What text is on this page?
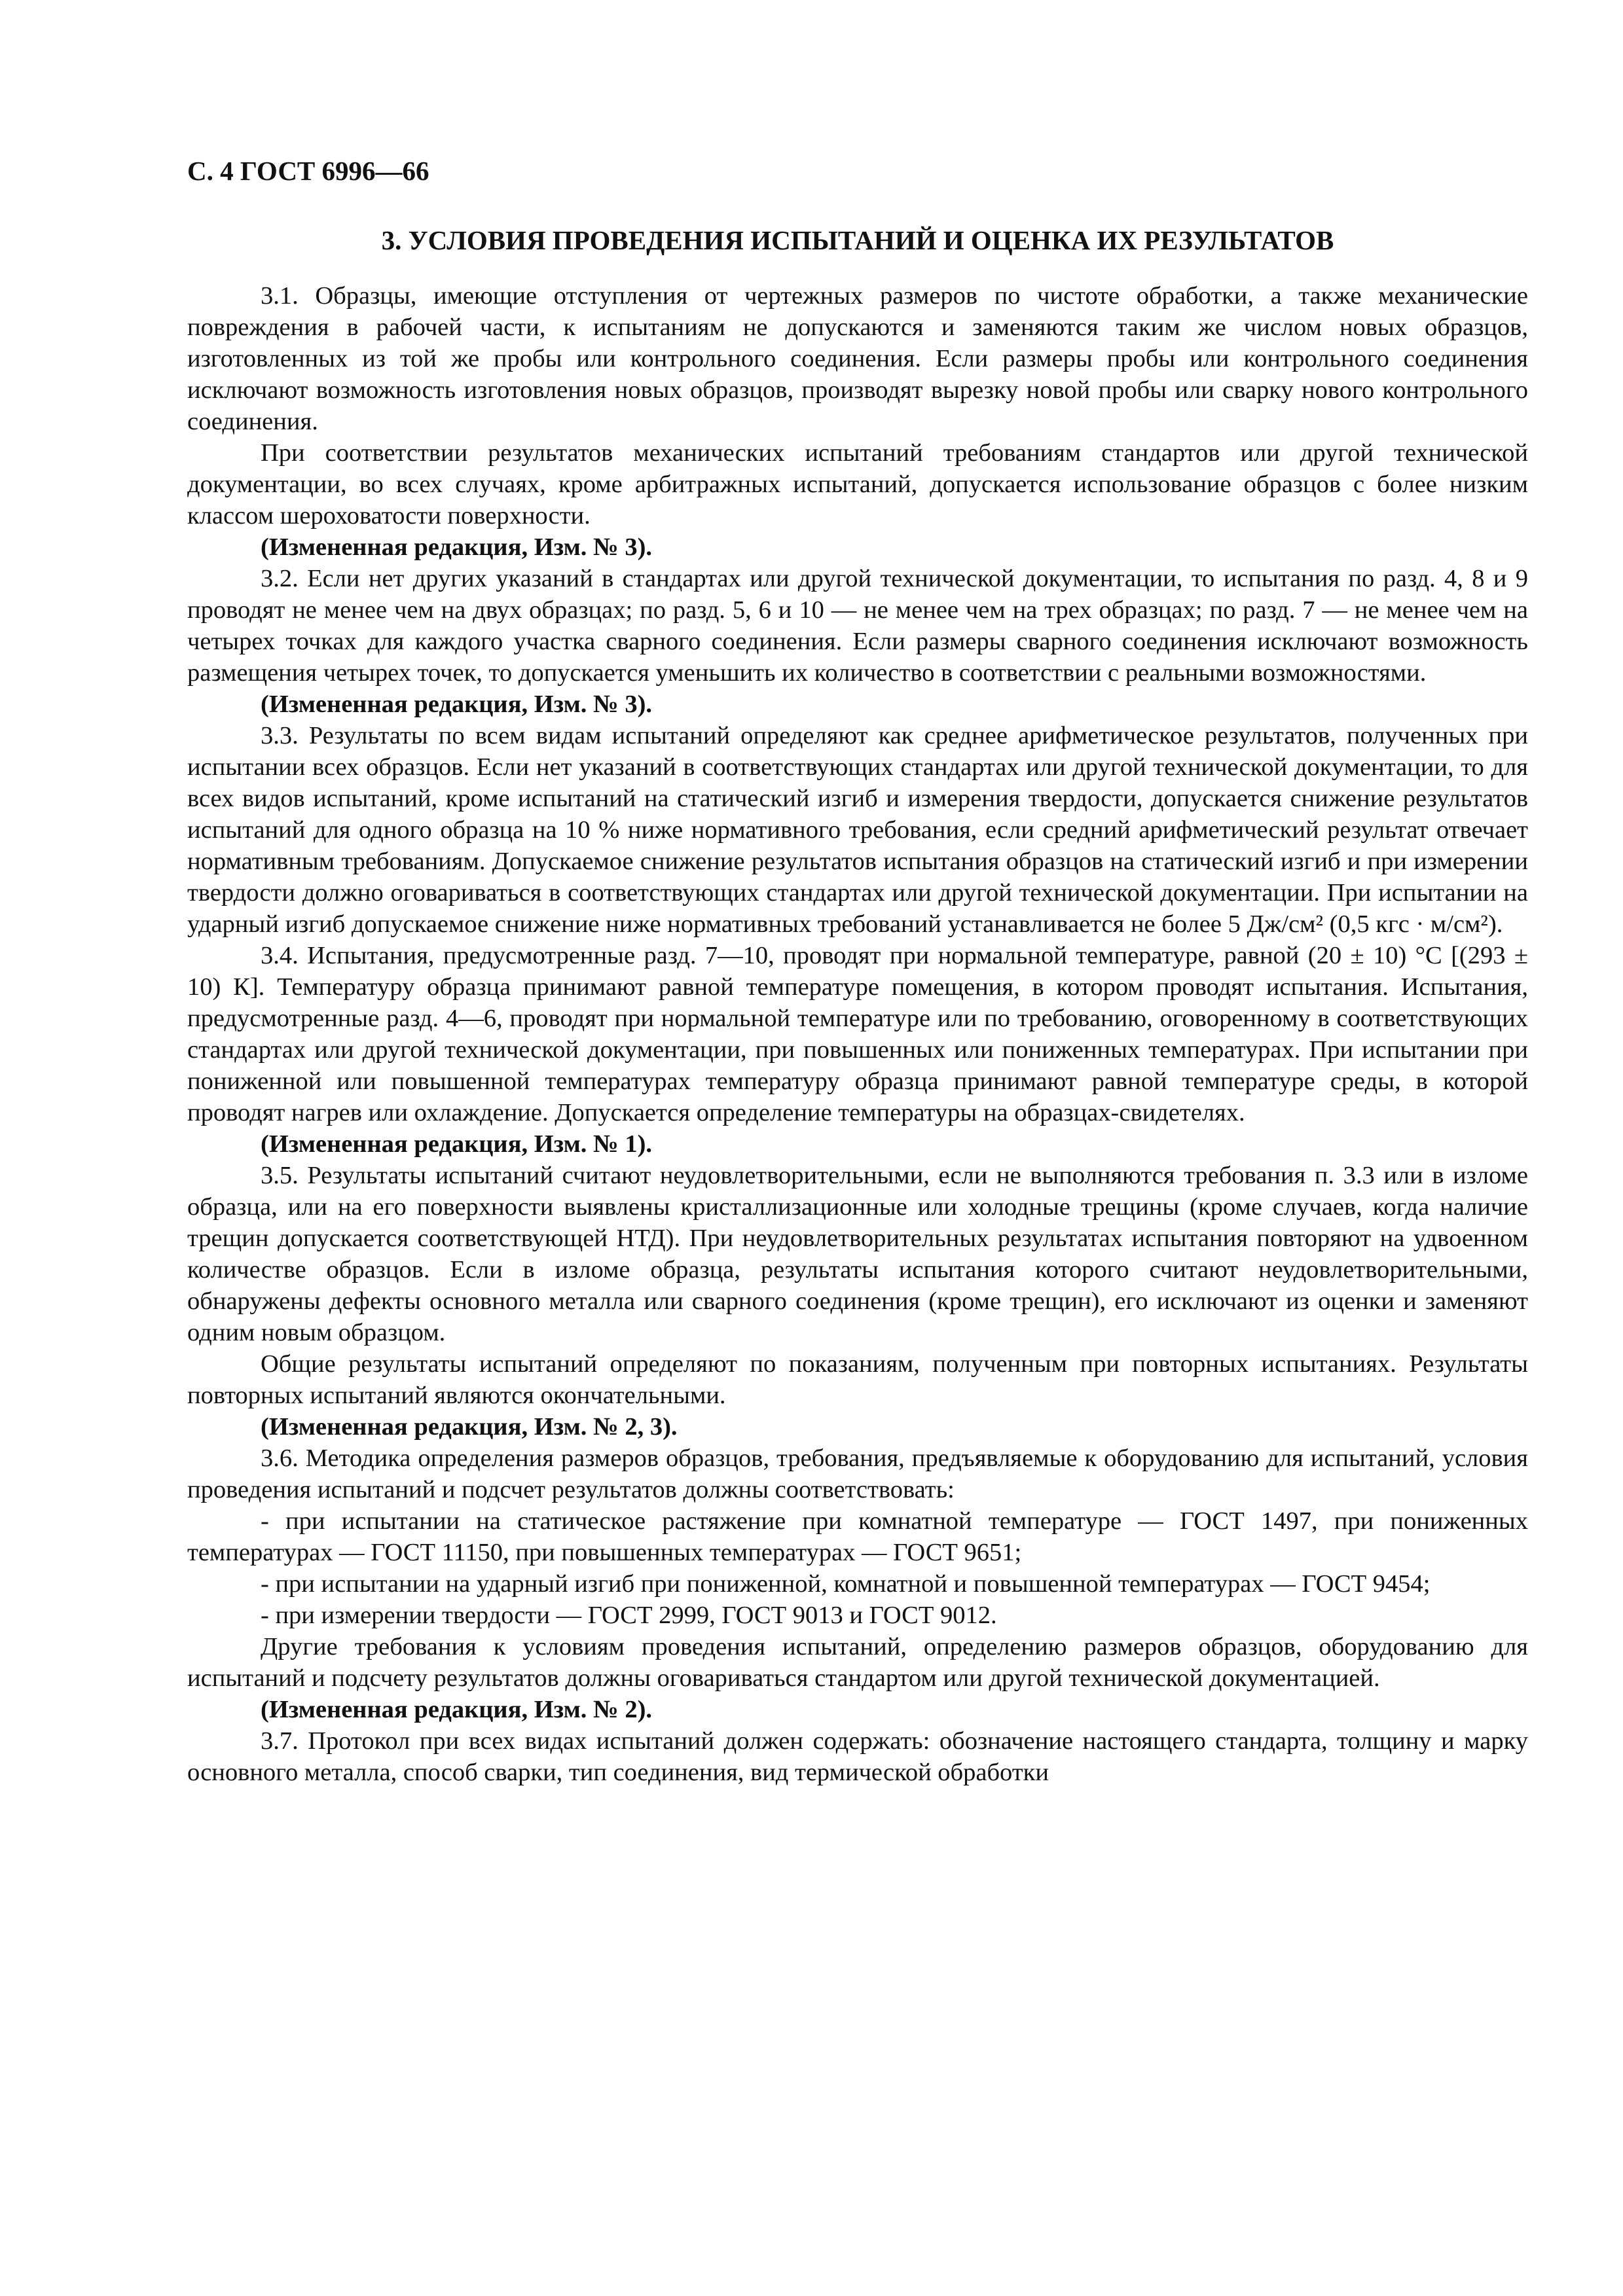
С. 4 ГОСТ 6996—66
3. УСЛОВИЯ ПРОВЕДЕНИЯ ИСПЫТАНИЙ И ОЦЕНКА ИХ РЕЗУЛЬТАТОВ

3.1. Образцы, имеющие отступления от чертежных размеров по чистоте обработки, а также механические повреждения в рабочей части, к испытаниям не допускаются и заменяются таким же числом новых образцов, изготовленных из той же пробы или контрольного соединения. Если размеры пробы или контрольного соединения исключают возможность изготовления новых образцов, производят вырезку новой пробы или сварку нового контрольного соединения.

При соответствии результатов механических испытаний требованиям стандартов или другой технической документации, во всех случаях, кроме арбитражных испытаний, допускается использование образцов с более низким классом шероховатости поверхности.

(Измененная редакция, Изм. № 3).

3.2. Если нет других указаний в стандартах или другой технической документации, то испытания по разд. 4, 8 и 9 проводят не менее чем на двух образцах; по разд. 5, 6 и 10 — не менее чем на трех образцах; по разд. 7 — не менее чем на четырех точках для каждого участка сварного соединения. Если размеры сварного соединения исключают возможность размещения четырех точек, то допускается уменьшить их количество в соответствии с реальными возможностями.

(Измененная редакция, Изм. № 3).

3.3. Результаты по всем видам испытаний определяют как среднее арифметическое результатов, полученных при испытании всех образцов. Если нет указаний в соответствующих стандартах или другой технической документации, то для всех видов испытаний, кроме испытаний на статический изгиб и измерения твердости, допускается снижение результатов испытаний для одного образца на 10 % ниже нормативного требования, если средний арифметический результат отвечает нормативным требованиям. Допускаемое снижение результатов испытания образцов на статический изгиб и при измерении твердости должно оговариваться в соответствующих стандартах или другой технической документации. При испытании на ударный изгиб допускаемое снижение ниже нормативных требований устанавливается не более 5 Дж/см² (0,5 кгс · м/см²).

3.4. Испытания, предусмотренные разд. 7—10, проводят при нормальной температуре, равной (20 ± 10) °С [(293 ± 10) К]. Температуру образца принимают равной температуре помещения, в котором проводят испытания. Испытания, предусмотренные разд. 4—6, проводят при нормальной температуре или по требованию, оговоренному в соответствующих стандартах или другой технической документации, при повышенных или пониженных температурах. При испытании при пониженной или повышенной температурах температуру образца принимают равной температуре среды, в которой проводят нагрев или охлаждение. Допускается определение температуры на образцах-свидетелях.

(Измененная редакция, Изм. № 1).

3.5. Результаты испытаний считают неудовлетворительными, если не выполняются требования п. 3.3 или в изломе образца, или на его поверхности выявлены кристаллизационные или холодные трещины (кроме случаев, когда наличие трещин допускается соответствующей НТД). При неудовлетворительных результатах испытания повторяют на удвоенном количестве образцов. Если в изломе образца, результаты испытания которого считают неудовлетворительными, обнаружены дефекты основного металла или сварного соединения (кроме трещин), его исключают из оценки и заменяют одним новым образцом.

Общие результаты испытаний определяют по показаниям, полученным при повторных испытаниях. Результаты повторных испытаний являются окончательными.

(Измененная редакция, Изм. № 2, 3).

3.6. Методика определения размеров образцов, требования, предъявляемые к оборудованию для испытаний, условия проведения испытаний и подсчет результатов должны соответствовать:

- при испытании на статическое растяжение при комнатной температуре — ГОСТ 1497, при пониженных температурах — ГОСТ 11150, при повышенных температурах — ГОСТ 9651;

- при испытании на ударный изгиб при пониженной, комнатной и повышенной температурах — ГОСТ 9454;

- при измерении твердости — ГОСТ 2999, ГОСТ 9013 и ГОСТ 9012.

Другие требования к условиям проведения испытаний, определению размеров образцов, оборудованию для испытаний и подсчету результатов должны оговариваться стандартом или другой технической документацией.

(Измененная редакция, Изм. № 2).

3.7. Протокол при всех видах испытаний должен содержать: обозначение настоящего стандарта, толщину и марку основного металла, способ сварки, тип соединения, вид термической обработки
